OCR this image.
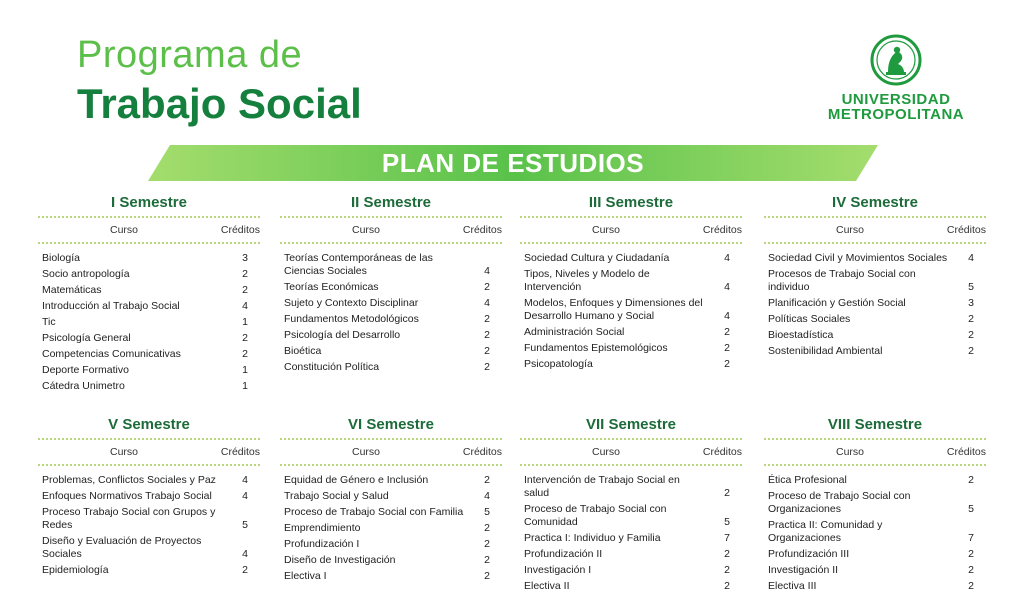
Programa de
Trabajo Social	UNIVERSIDAD
METROPOLITANA
PLAN DE ESTUDIOS
I Semestre
Curso	Créditos
Biología	3
Socio antropología	2
Matemáticas	2
Introducción al Trabajo Social	4
Tic	1
Psicología General	2
Competencias Comunicativas	2
Deporte Formativo	1
Cátedra Unimetro	1
II Semestre
Curso	Créditos
Teorías Contemporáneas de las Ciencias Sociales	4
Teorías Económicas	2
Sujeto y Contexto Disciplinar	4
Fundamentos Metodológicos	2
Psicología del Desarrollo	2
Bioética	2
Constitución Política	2
III Semestre
Curso	Créditos
Sociedad Cultura y Ciudadanía	4
Tipos, Niveles y Modelo de Intervención	4
Modelos, Enfoques y Dimensiones del Desarrollo Humano y Social	4
Administración Social	2
Fundamentos Epistemológicos	2
Psicopatología	2
IV Semestre
Curso	Créditos
Sociedad Civil y Movimientos Sociales	4
Procesos de Trabajo Social con individuo	5
Planificación y Gestión Social	3
Políticas Sociales	2
Bioestadística	2
Sostenibilidad Ambiental	2
V Semestre
Curso	Créditos
Problemas, Conflictos Sociales y Paz	4
Enfoques Normativos Trabajo Social	4
Proceso Trabajo Social con Grupos y Redes	5
Diseño y Evaluación de Proyectos Sociales	4
Epidemiología	2
VI Semestre
Curso	Créditos
Equidad de Género e Inclusión	2
Trabajo Social y Salud	4
Proceso de Trabajo Social con Familia	5
Emprendimiento	2
Profundización I	2
Diseño de Investigación	2
Electiva I	2
VII Semestre
Curso	Créditos
Intervención de Trabajo Social en salud	2
Proceso de Trabajo Social con Comunidad	5
Practica I: Individuo y Familia	7
Profundización II	2
Investigación I	2
Electiva II	2
VIII Semestre
Curso	Créditos
Ética Profesional	2
Proceso de Trabajo Social con Organizaciones	5
Practica II: Comunidad y Organizaciones	7
Profundización III	2
Investigación II	2
Electiva III	2
